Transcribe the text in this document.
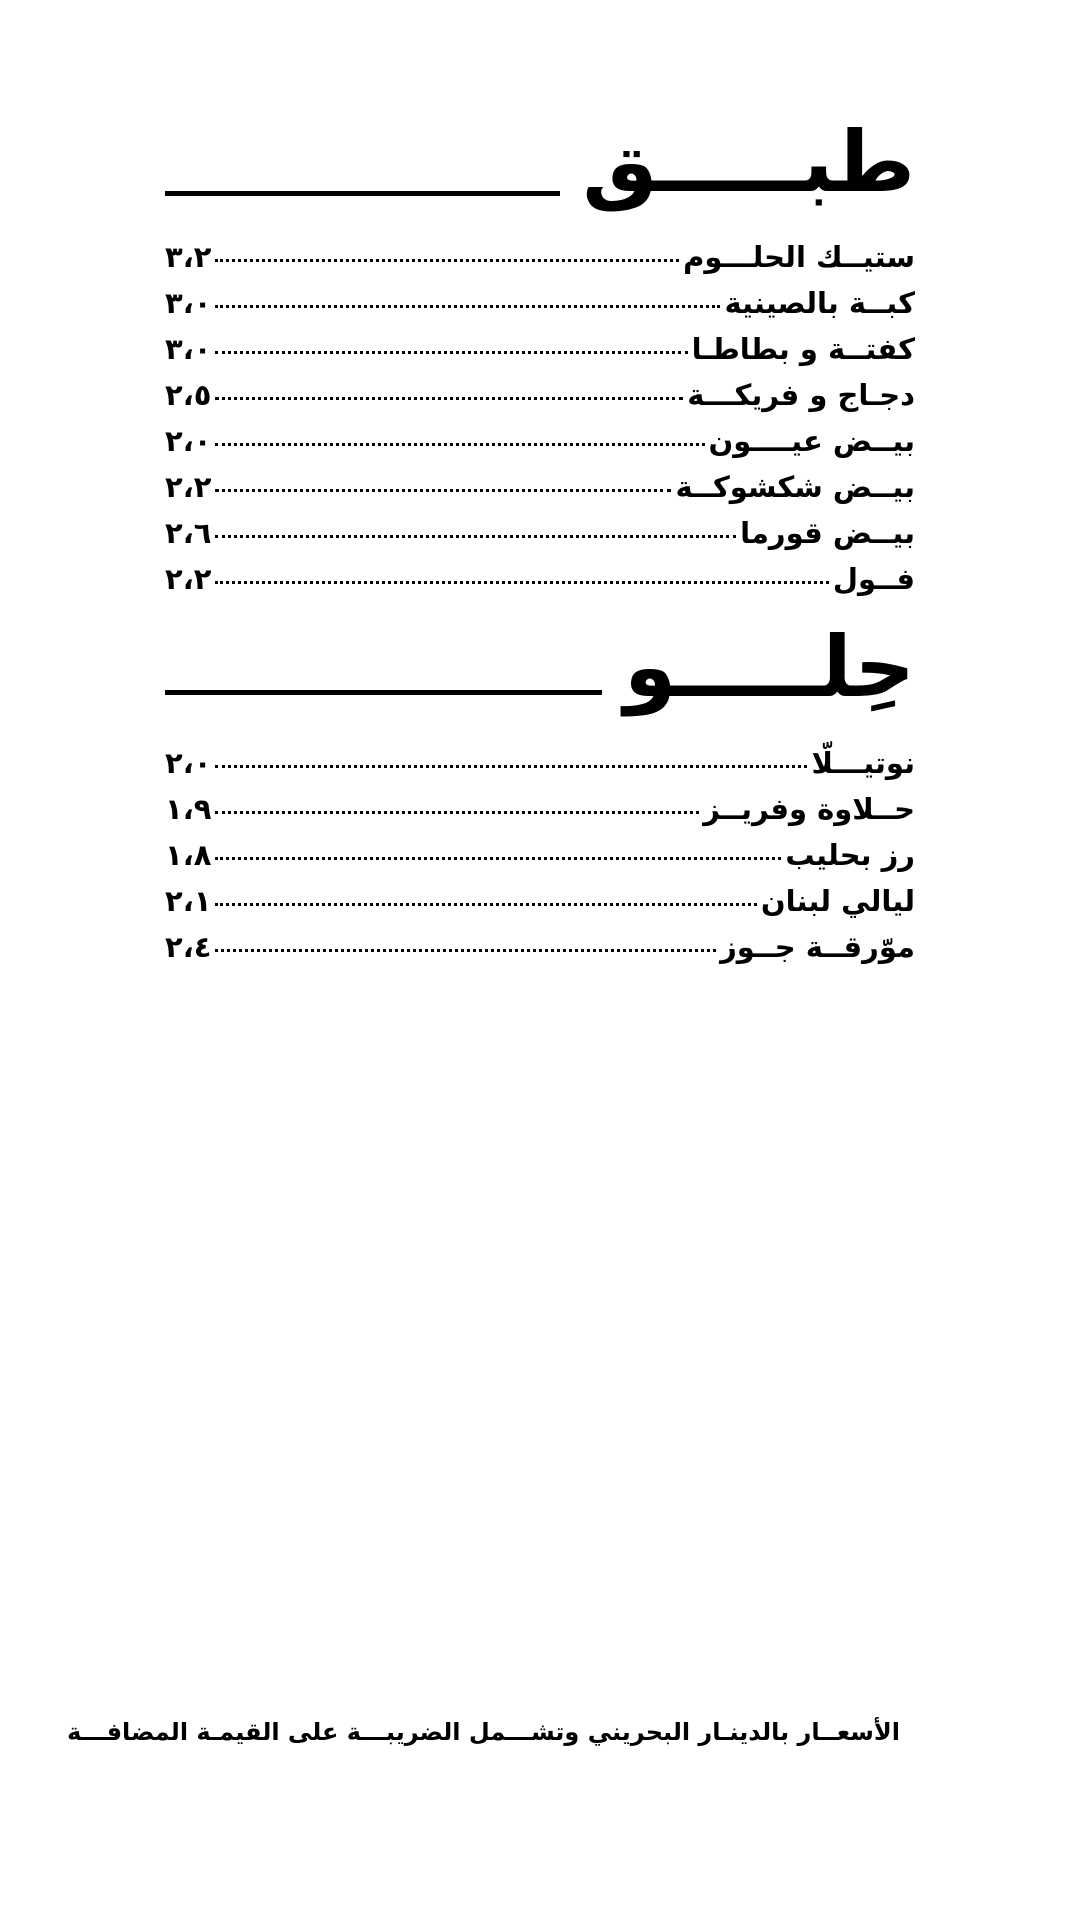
طبـــــق
ستيــك الحلـــوم
٣،٢
كبــة بالصينية
٣،٠
كفتــة و بطاطـا
٣،٠
دجـاج و فريكـــة
٢،٥
بيــض عيــــون
٢،٠
بيــض شكشوكــة
٢،٢
بيــض قورما
٢،٦
فــول
٢،٢
حِلـــــو
نوتيـــلّا
٢،٠
حــلاوة وفريــز
١،٩
رز بحليب
١،٨
ليالي لبنان
٢،١
موّرقــة جــوز
٢،٤
الأسعــار بالدينـار البحريني وتشـــمل الضريبـــة على القيمـة المضافـــة
